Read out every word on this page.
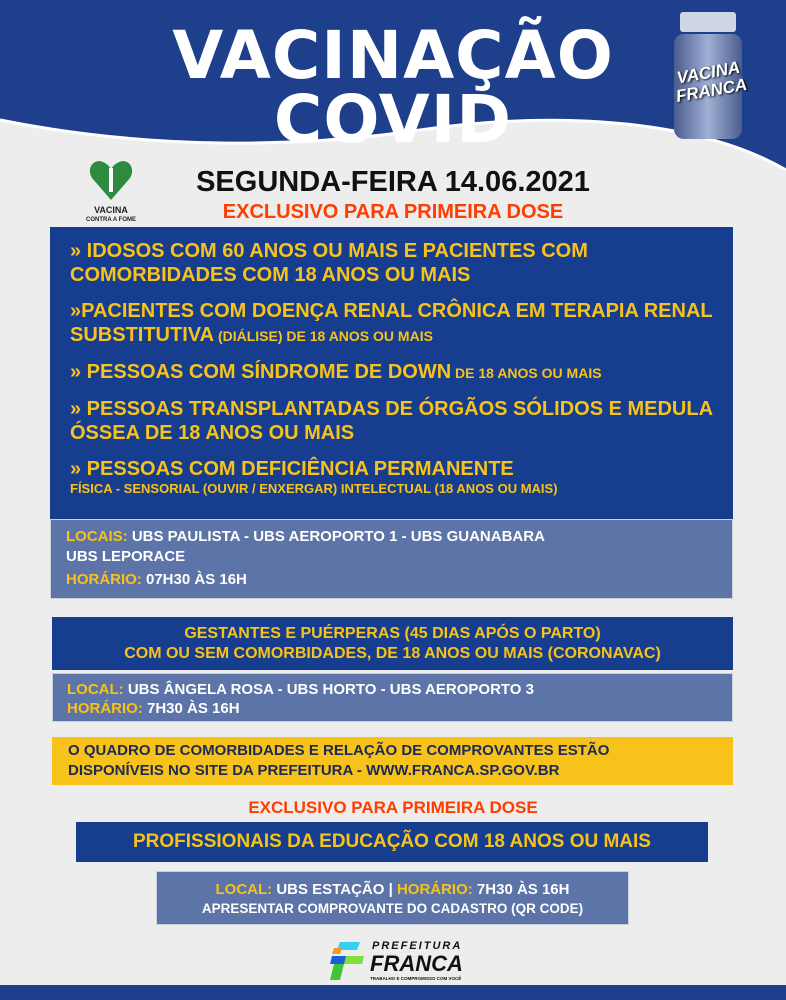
VACINAÇÃO
COVID
VACINA FRANCA
VACINA
CONTRA A FOME
SEGUNDA-FEIRA 14.06.2021
EXCLUSIVO PARA PRIMEIRA DOSE
» IDOSOS COM 60 ANOS OU MAIS E PACIENTES COM COMORBIDADES COM 18 ANOS OU MAIS
»PACIENTES COM DOENÇA RENAL CRÔNICA EM TERAPIA RENAL SUBSTITUTIVA (DIÁLISE) DE 18 ANOS OU MAIS
» PESSOAS COM SÍNDROME DE DOWN DE 18 ANOS OU MAIS
» PESSOAS TRANSPLANTADAS DE ÓRGÃOS SÓLIDOS E MEDULA ÓSSEA DE 18 ANOS OU MAIS
» PESSOAS COM DEFICIÊNCIA PERMANENTE
FÍSICA - SENSORIAL (OUVIR / ENXERGAR) INTELECTUAL (18 ANOS OU MAIS)
LOCAIS: UBS PAULISTA - UBS AEROPORTO 1 - UBS GUANABARA
UBS LEPORACE
HORÁRIO: 07H30 ÀS 16H
GESTANTES E PUÉRPERAS (45 DIAS APÓS O PARTO)
COM OU SEM COMORBIDADES, DE 18 ANOS OU MAIS (CORONAVAC)
LOCAL: UBS ÂNGELA ROSA - UBS HORTO - UBS AEROPORTO 3
HORÁRIO: 7H30 ÀS 16H
O QUADRO DE COMORBIDADES E RELAÇÃO DE COMPROVANTES ESTÃO
DISPONÍVEIS NO SITE DA PREFEITURA - WWW.FRANCA.SP.GOV.BR
EXCLUSIVO PARA PRIMEIRA DOSE
PROFISSIONAIS DA EDUCAÇÃO COM 18 ANOS OU MAIS
LOCAL: UBS ESTAÇÃO | HORÁRIO: 7H30 ÀS 16H
APRESENTAR COMPROVANTE DO CADASTRO (QR CODE)
PREFEITURA
FRANCA
TRABALHO E COMPROMISSO COM VOCÊ
